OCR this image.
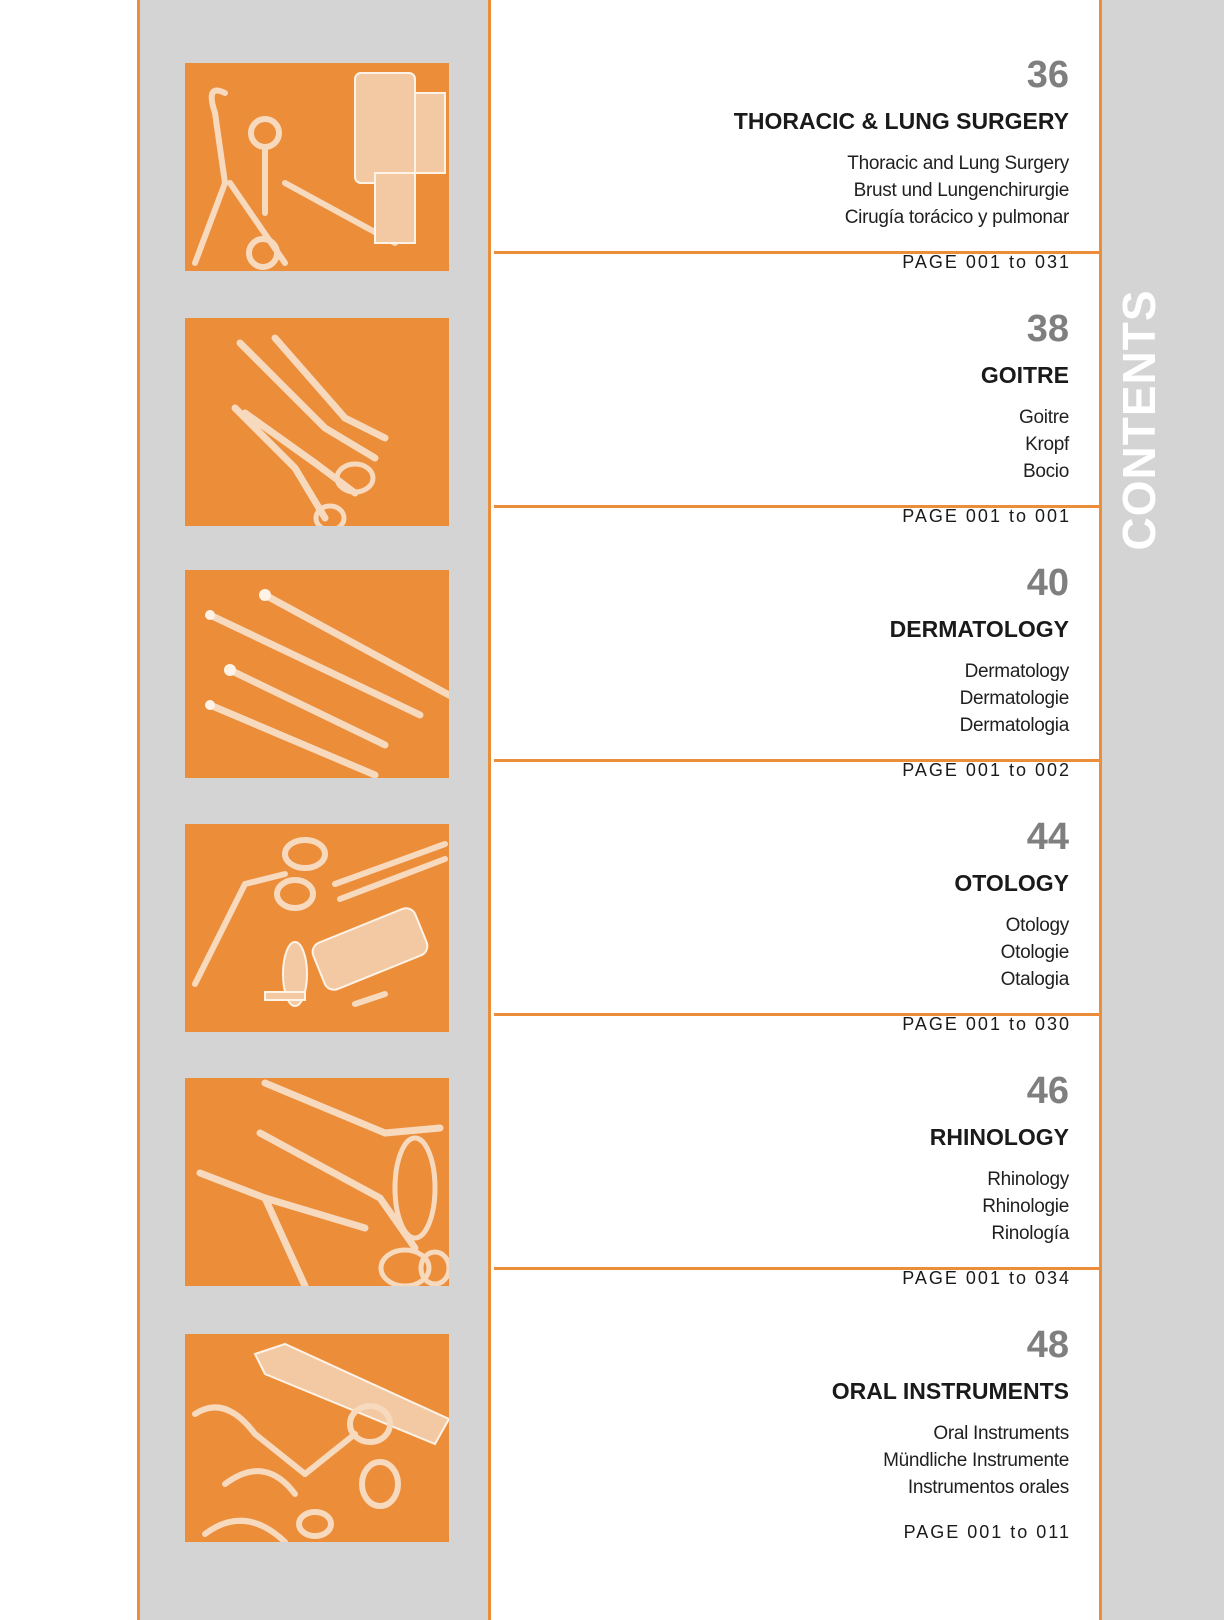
CONTENTS
36
THORACIC & LUNG SURGERY
Thoracic and Lung Surgery
Brust und Lungenchirurgie
Cirugía torácico y pulmonar
PAGE 001 to 031
38
GOITRE
Goitre
Kropf
Bocio
PAGE 001 to 001
40
DERMATOLOGY
Dermatology
Dermatologie
Dermatologia
PAGE 001 to 002
44
OTOLOGY
Otology
Otologie
Otalogia
PAGE 001 to 030
46
RHINOLOGY
Rhinology
Rhinologie
Rinología
PAGE 001 to 034
48
ORAL INSTRUMENTS
Oral Instruments
Mündliche Instrumente
Instrumentos orales
PAGE 001 to 011
